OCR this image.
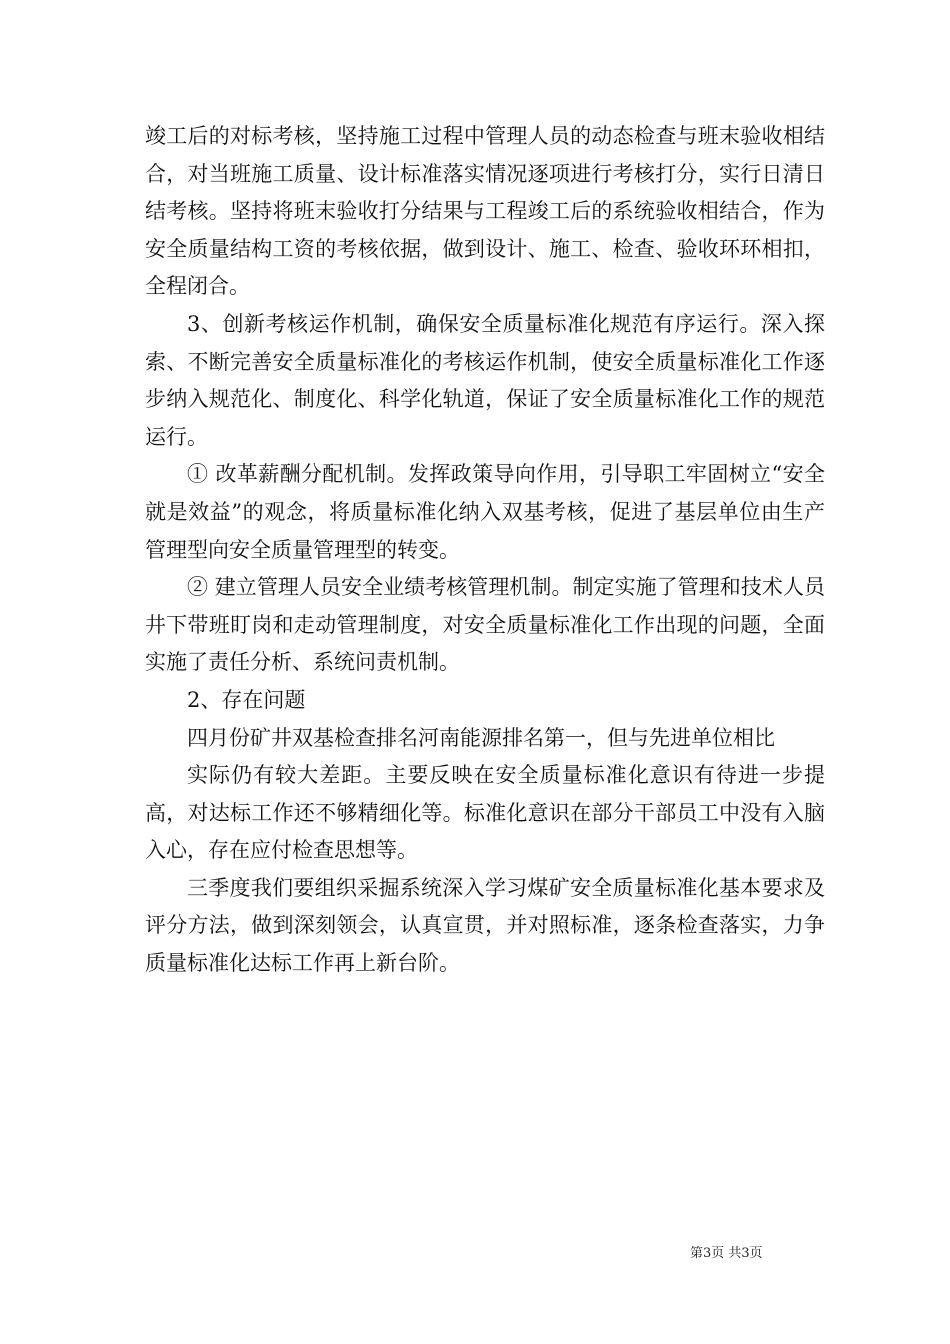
竣工后的对标考核，坚持施工过程中管理人员的动态检查与班末验收相结合，对当班施工质量、设计标准落实情况逐项进行考核打分，实行日清日结考核。坚持将班末验收打分结果与工程竣工后的系统验收相结合，作为安全质量结构工资的考核依据，做到设计、施工、检查、验收环环相扣，全程闭合。

3、创新考核运作机制，确保安全质量标准化规范有序运行。深入探索、不断完善安全质量标准化的考核运作机制，使安全质量标准化工作逐步纳入规范化、制度化、科学化轨道，保证了安全质量标准化工作的规范运行。

① 改革薪酬分配机制。发挥政策导向作用，引导职工牢固树立“安全就是效益”的观念，将质量标准化纳入双基考核，促进了基层单位由生产管理型向安全质量管理型的转变。

② 建立管理人员安全业绩考核管理机制。制定实施了管理和技术人员井下带班盯岗和走动管理制度，对安全质量标准化工作出现的问题，全面实施了责任分析、系统问责机制。

2、存在问题

四月份矿井双基检查排名河南能源排名第一，但与先进单位相比

实际仍有较大差距。主要反映在安全质量标准化意识有待进一步提高，对达标工作还不够精细化等。标准化意识在部分干部员工中没有入脑入心，存在应付检查思想等。

三季度我们要组织采掘系统深入学习煤矿安全质量标准化基本要求及评分方法，做到深刻领会，认真宣贯，并对照标准，逐条检查落实，力争质量标准化达标工作再上新台阶。

第3页 共3页
